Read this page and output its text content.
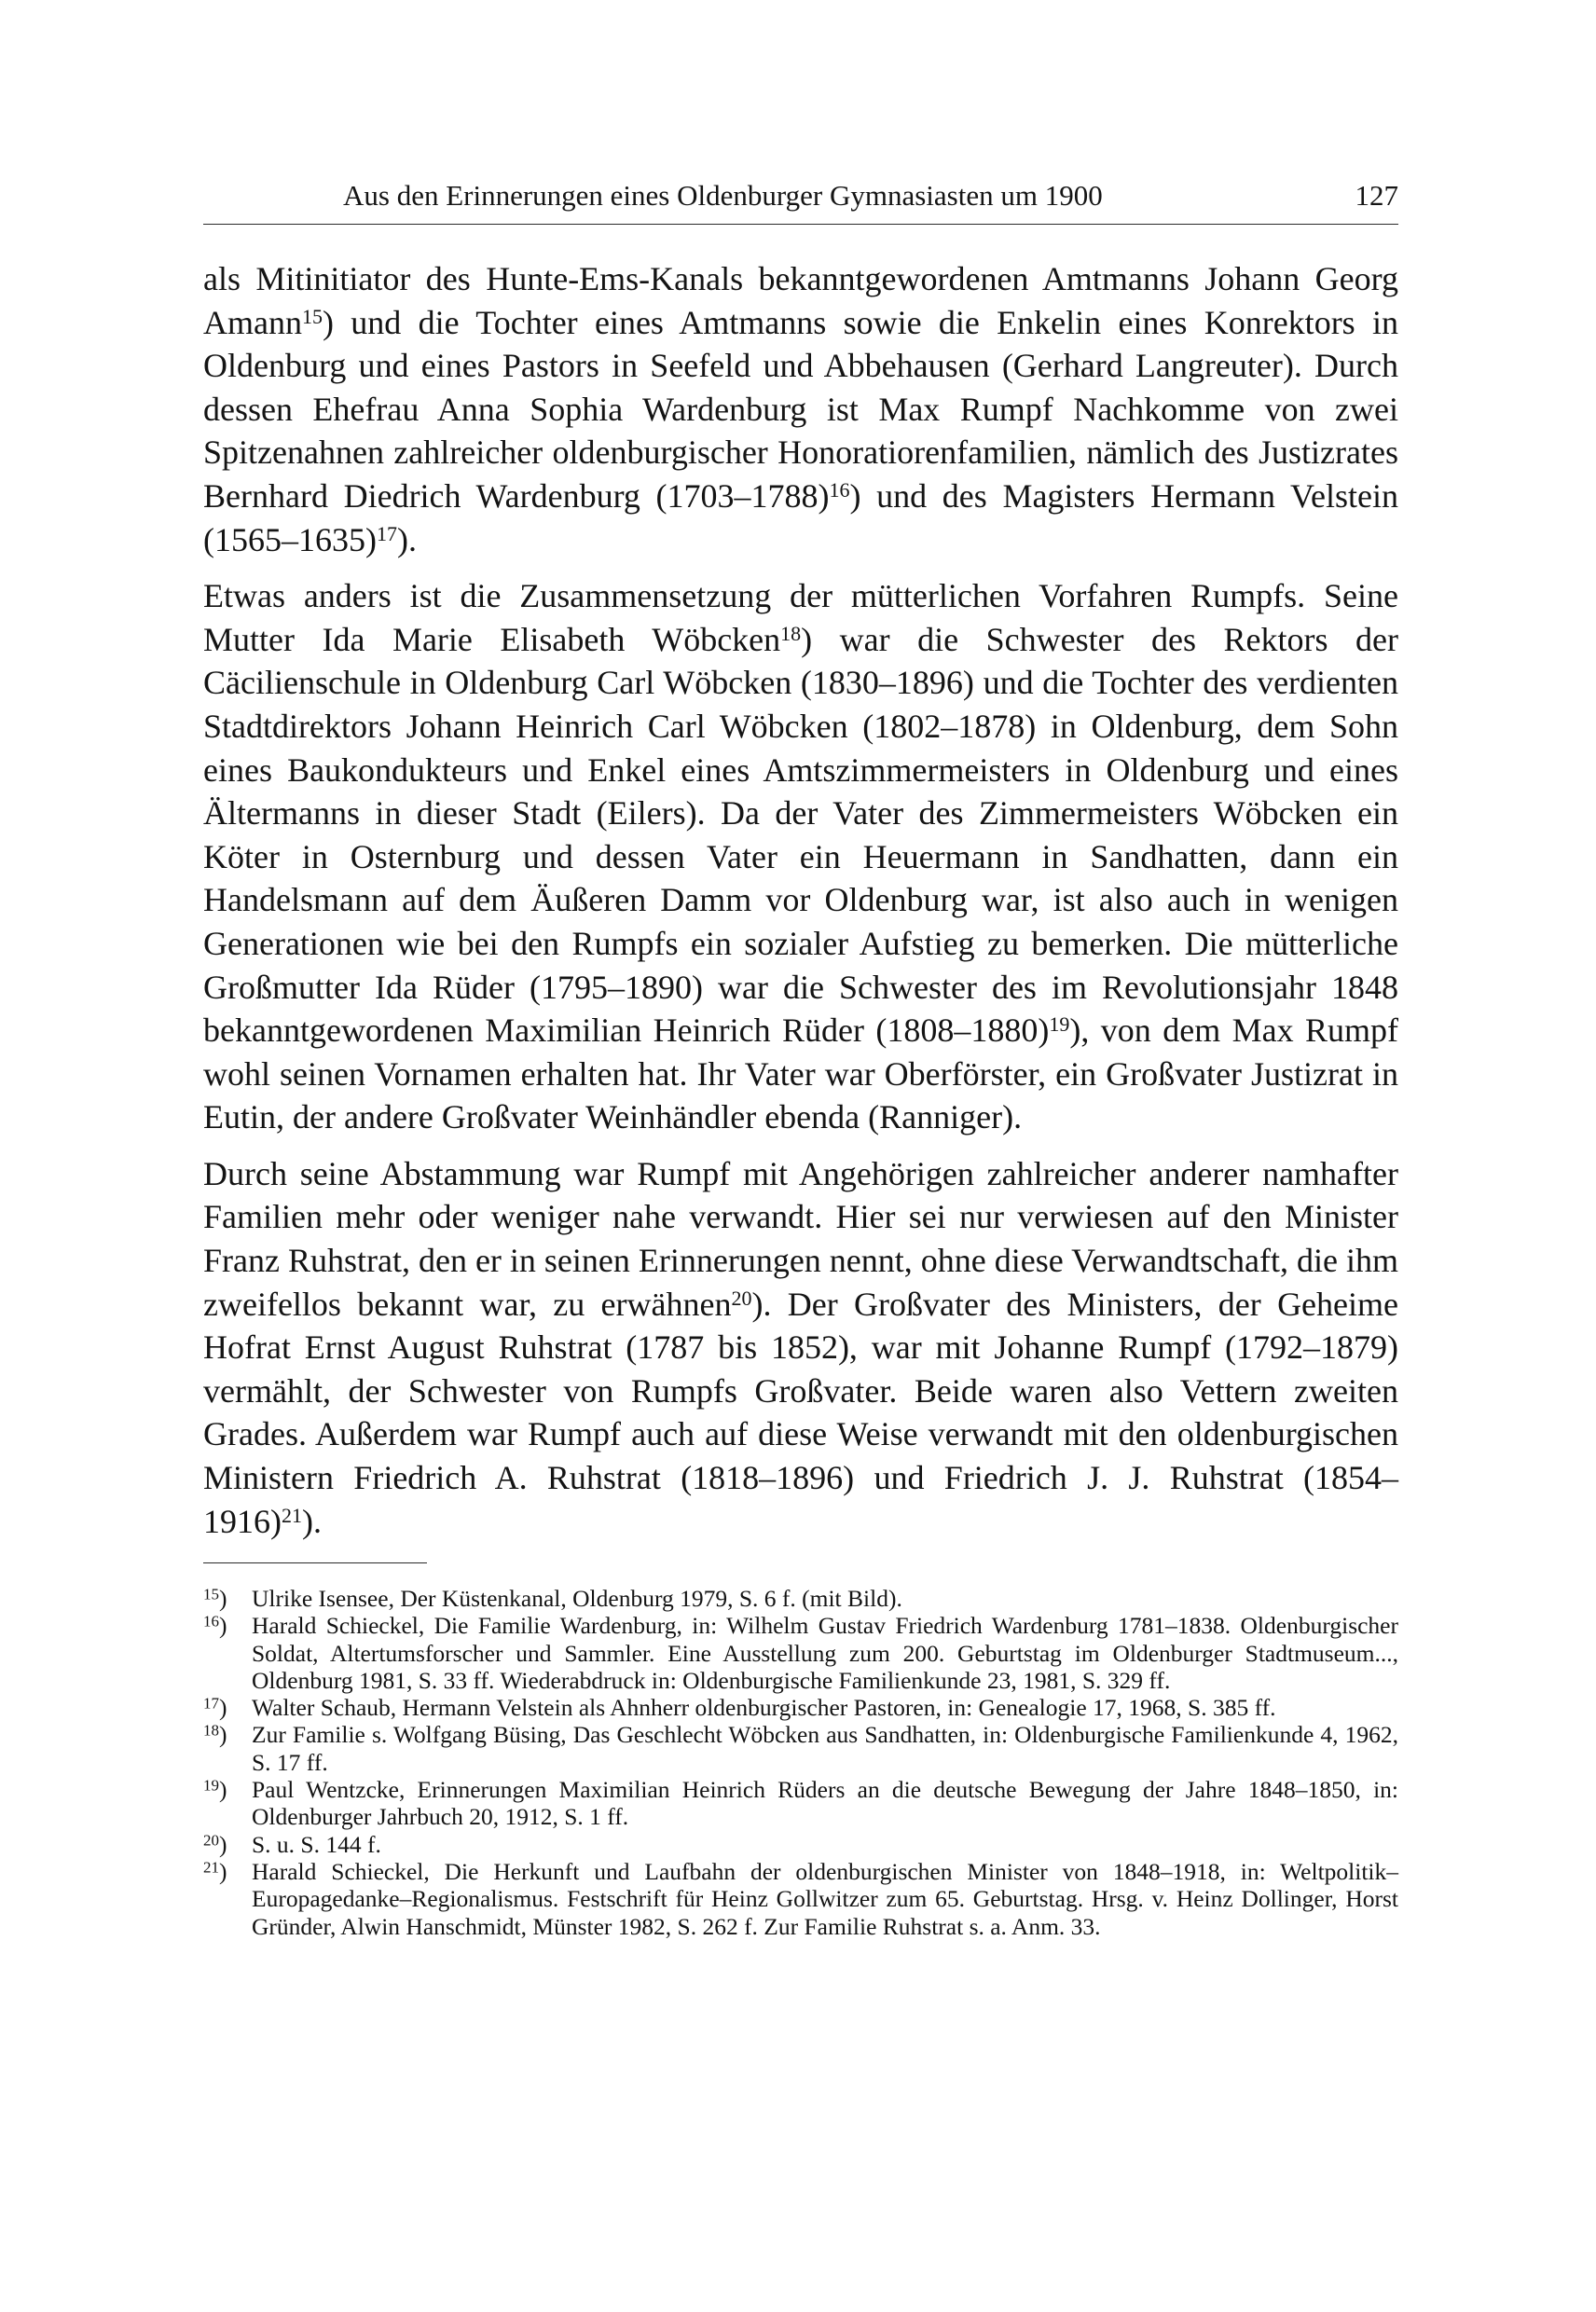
Aus den Erinnerungen eines Oldenburger Gymnasiasten um 1900	127

als Mitinitiator des Hunte-Ems-Kanals bekanntgewordenen Amtmanns Johann Georg Amann$^{15}$) und die Tochter eines Amtmanns sowie die Enkelin eines Konrektors in Oldenburg und eines Pastors in Seefeld und Abbehausen (Gerhard Langreuter). Durch dessen Ehefrau Anna Sophia Wardenburg ist Max Rumpf Nachkomme von zwei Spitzenahnen zahlreicher oldenburgischer Honoratiorenfamilien, nämlich des Justizrates Bernhard Diedrich Wardenburg (1703–1788)$^{16}$) und des Magisters Hermann Velstein (1565–1635)$^{17}$).

Etwas anders ist die Zusammensetzung der mütterlichen Vorfahren Rumpfs. Seine Mutter Ida Marie Elisabeth Wöbcken$^{18}$) war die Schwester des Rektors der Cäcilienschule in Oldenburg Carl Wöbcken (1830–1896) und die Tochter des verdienten Stadtdirektors Johann Heinrich Carl Wöbcken (1802–1878) in Oldenburg, dem Sohn eines Baukondukteurs und Enkel eines Amtszimmermeisters in Oldenburg und eines Ältermanns in dieser Stadt (Eilers). Da der Vater des Zimmermeisters Wöbcken ein Köter in Osternburg und dessen Vater ein Heuermann in Sandhatten, dann ein Handelsmann auf dem Äußeren Damm vor Oldenburg war, ist also auch in wenigen Generationen wie bei den Rumpfs ein sozialer Aufstieg zu bemerken. Die mütterliche Großmutter Ida Rüder (1795–1890) war die Schwester des im Revolutionsjahr 1848 bekanntgewordenen Maximilian Heinrich Rüder (1808–1880)$^{19}$), von dem Max Rumpf wohl seinen Vornamen erhalten hat. Ihr Vater war Oberförster, ein Großvater Justizrat in Eutin, der andere Großvater Weinhändler ebenda (Ranniger).

Durch seine Abstammung war Rumpf mit Angehörigen zahlreicher anderer namhafter Familien mehr oder weniger nahe verwandt. Hier sei nur verwiesen auf den Minister Franz Ruhstrat, den er in seinen Erinnerungen nennt, ohne diese Verwandtschaft, die ihm zweifellos bekannt war, zu erwähnen$^{20}$). Der Großvater des Ministers, der Geheime Hofrat Ernst August Ruhstrat (1787 bis 1852), war mit Johanne Rumpf (1792–1879) vermählt, der Schwester von Rumpfs Großvater. Beide waren also Vettern zweiten Grades. Außerdem war Rumpf auch auf diese Weise verwandt mit den oldenburgischen Ministern Friedrich A. Ruhstrat (1818–1896) und Friedrich J. J. Ruhstrat (1854–1916)$^{21}$).

$^{15}$) Ulrike Isensee, Der Küstenkanal, Oldenburg 1979, S. 6 f. (mit Bild).
$^{16}$) Harald Schieckel, Die Familie Wardenburg, in: Wilhelm Gustav Friedrich Wardenburg 1781–1838. Oldenburgischer Soldat, Altertumsforscher und Sammler. Eine Ausstellung zum 200. Geburtstag im Oldenburger Stadtmuseum..., Oldenburg 1981, S. 33 ff. Wiederabdruck in: Oldenburgische Familienkunde 23, 1981, S. 329 ff.
$^{17}$) Walter Schaub, Hermann Velstein als Ahnherr oldenburgischer Pastoren, in: Genealogie 17, 1968, S. 385 ff.
$^{18}$) Zur Familie s. Wolfgang Büsing, Das Geschlecht Wöbcken aus Sandhatten, in: Oldenburgische Familienkunde 4, 1962, S. 17 ff.
$^{19}$) Paul Wentzcke, Erinnerungen Maximilian Heinrich Rüders an die deutsche Bewegung der Jahre 1848–1850, in: Oldenburger Jahrbuch 20, 1912, S. 1 ff.
$^{20}$) S. u. S. 144 f.
$^{21}$) Harald Schieckel, Die Herkunft und Laufbahn der oldenburgischen Minister von 1848–1918, in: Weltpolitik–Europagedanke–Regionalismus. Festschrift für Heinz Gollwitzer zum 65. Geburtstag. Hrsg. v. Heinz Dollinger, Horst Gründer, Alwin Hanschmidt, Münster 1982, S. 262 f. Zur Familie Ruhstrat s. a. Anm. 33.
